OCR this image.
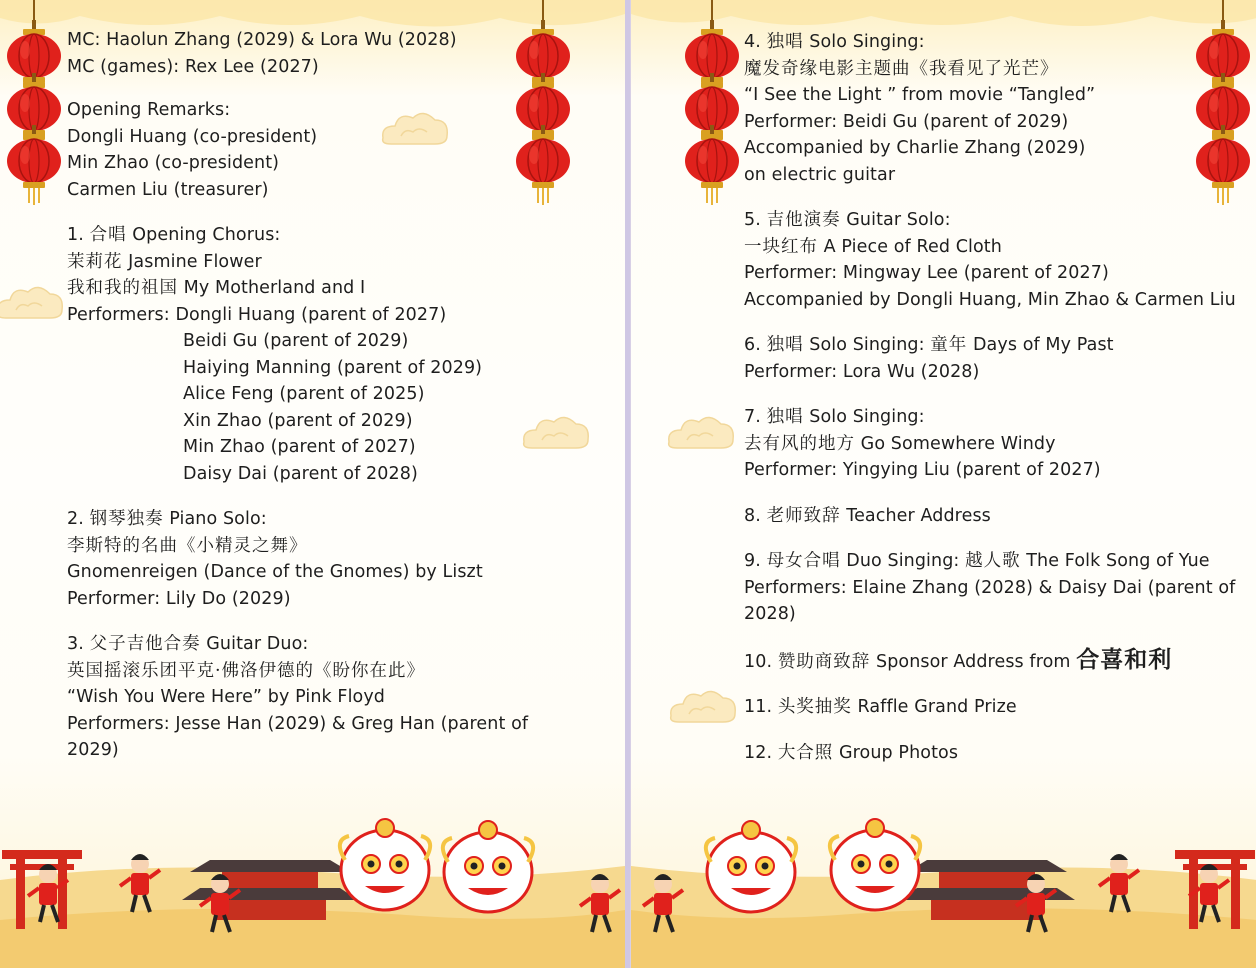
MC: Haolun Zhang (2029) & Lora Wu (2028)
MC (games): Rex Lee (2027)
Opening Remarks:
Dongli Huang (co-president)
Min Zhao (co-president)
Carmen Liu (treasurer)
1. 合唱 Opening Chorus:
茉莉花 Jasmine Flower
我和我的祖国 My Motherland and I
Performers: Dongli Huang (parent of 2027)
Beidi Gu (parent of 2029)
Haiying Manning (parent of 2029)
Alice Feng (parent of 2025)
Xin Zhao (parent of 2029)
Min Zhao (parent of 2027)
Daisy Dai (parent of 2028)
2. 钢琴独奏 Piano Solo:
李斯特的名曲《小精灵之舞》
Gnomenreigen (Dance of the Gnomes) by Liszt
Performer: Lily Do (2029)
3. 父子吉他合奏 Guitar Duo:
英国摇滚乐团平克·佛洛伊德的《盼你在此》
“Wish You Were Here” by Pink Floyd
Performers: Jesse Han (2029) & Greg Han (parent of 2029)
4. 独唱 Solo Singing:
魔发奇缘电影主题曲《我看见了光芒》
“I See the Light ” from movie “Tangled”
Performer: Beidi Gu (parent of 2029)
Accompanied by Charlie Zhang (2029)
on electric guitar
5. 吉他演奏 Guitar Solo:
一块红布 A Piece of Red Cloth
Performer: Mingway Lee (parent of 2027)
Accompanied by Dongli Huang, Min Zhao & Carmen Liu
6. 独唱 Solo Singing: 童年 Days of My Past
Performer: Lora Wu (2028)
7. 独唱 Solo Singing:
去有风的地方 Go Somewhere Windy
Performer: Yingying Liu (parent of 2027)
8. 老师致辞 Teacher Address
9. 母女合唱 Duo Singing: 越人歌 The Folk Song of Yue
Performers: Elaine Zhang (2028) & Daisy Dai (parent of 2028)
10. 赞助商致辞 Sponsor Address from 合喜和利
11. 头奖抽奖 Raffle Grand Prize
12. 大合照 Group Photos
